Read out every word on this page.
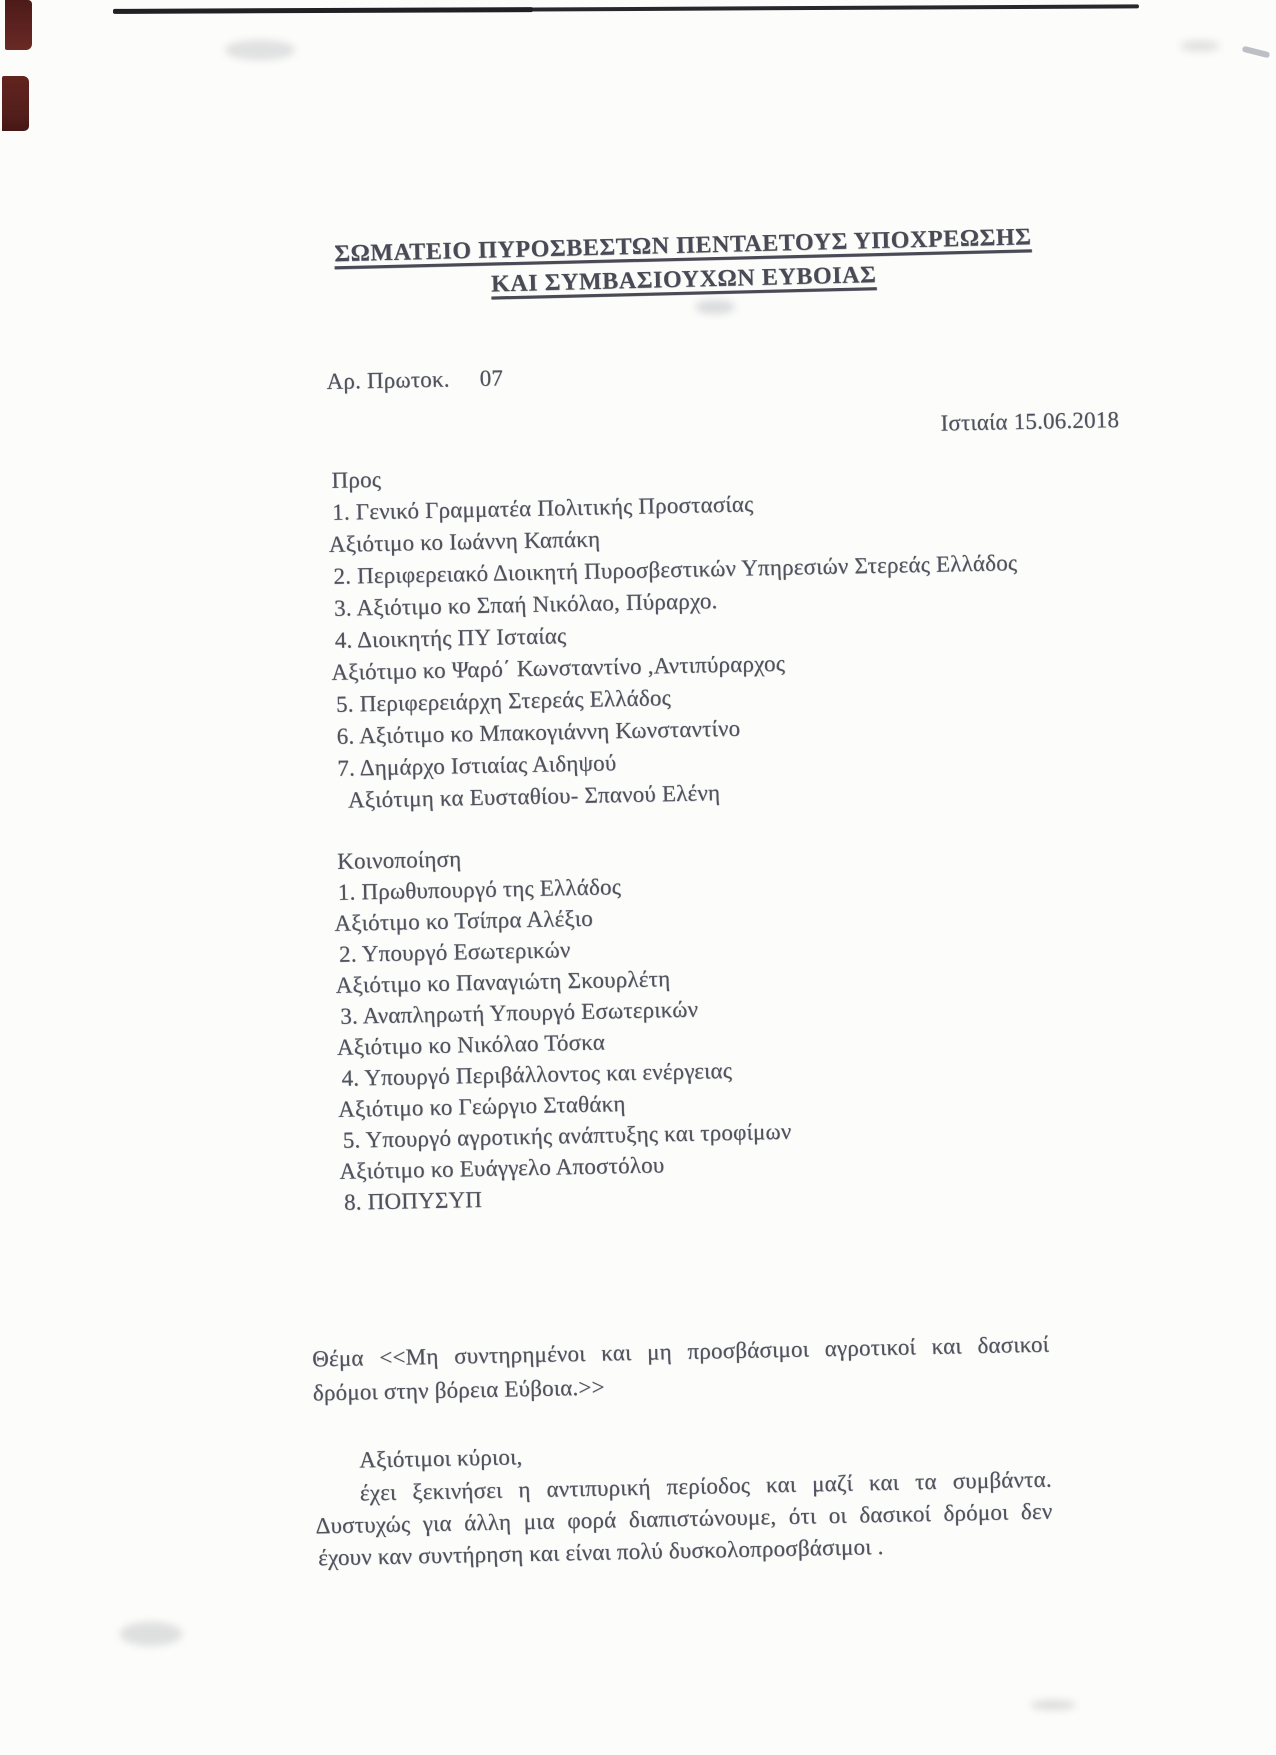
ΣΩΜΑΤΕΙΟ ΠΥΡΟΣΒΕΣΤΩΝ ΠΕΝΤΑΕΤΟΥΣ ΥΠΟΧΡΕΩΣΗΣ
ΚΑΙ ΣΥΜΒΑΣΙΟΥΧΩΝ ΕΥΒΟΙΑΣ
Αρ. Πρωτοκ. 07
Ιστιαία 15.06.2018
Προς
1. Γενικό Γραμματέα Πολιτικής Προστασίας
Αξιότιμο κο Ιωάννη Καπάκη
2. Περιφερειακό Διοικητή Πυροσβεστικών Υπηρεσιών Στερεάς Ελλάδος
3. Αξιότιμο κο Σπαή Νικόλαο, Πύραρχο.
4. Διοικητής ΠΥ Ισταίας
Αξιότιμο κο Ψαρό΄ Κωνσταντίνο ,Αντιπύραρχος
5. Περιφερειάρχη Στερεάς Ελλάδος
6. Αξιότιμο κο Μπακογιάννη Κωνσταντίνο
7. Δημάρχο Ιστιαίας Αιδηψού
Αξιότιμη κα Ευσταθίου- Σπανού Ελένη
Κοινοποίηση
1. Πρωθυπουργό της Ελλάδος
Αξιότιμο κο Τσίπρα Αλέξιο
2. Υπουργό Εσωτερικών
Αξιότιμο κο Παναγιώτη Σκουρλέτη
3. Αναπληρωτή Υπουργό Εσωτερικών
Αξιότιμο κο Νικόλαο Τόσκα
4. Υπουργό Περιβάλλοντος και ενέργειας
Αξιότιμο κο Γεώργιο Σταθάκη
5. Υπουργό αγροτικής ανάπτυξης και τροφίμων
Αξιότιμο κο Ευάγγελο Αποστόλου
8. ΠΟΠΥΣΥΠ
Θέμα <<Μη συντηρημένοι και μη προσβάσιμοι αγροτικοί και δασικοί
δρόμοι στην βόρεια Εύβοια.>>
Αξιότιμοι κύριοι,
έχει ξεκινήσει η αντιπυρική περίοδος και μαζί και τα συμβάντα.
Δυστυχώς για άλλη μια φορά διαπιστώνουμε, ότι οι δασικοί δρόμοι δεν
έχουν καν συντήρηση και είναι πολύ δυσκολοπροσβάσιμοι .
